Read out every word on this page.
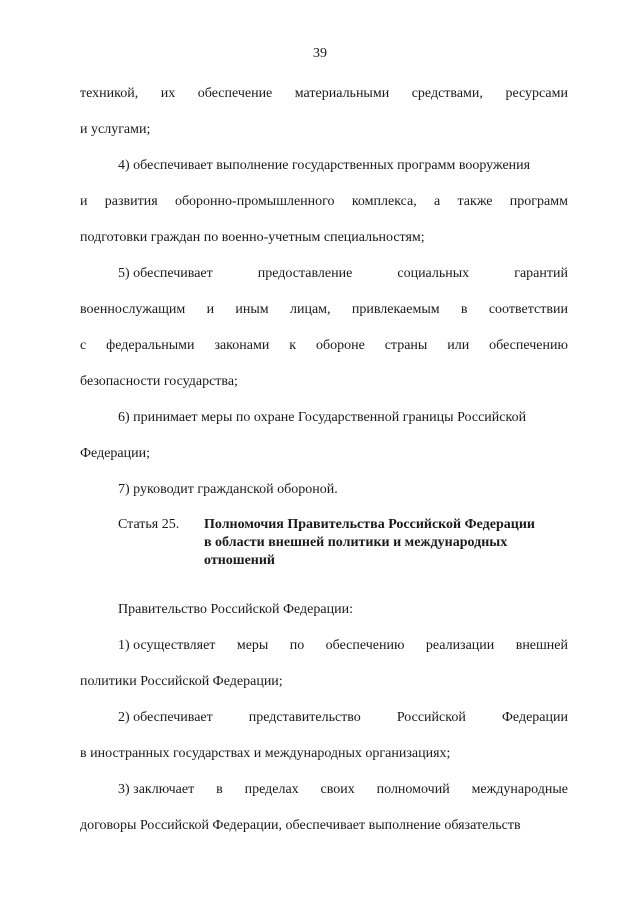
39
техникой, их обеспечение материальными средствами, ресурсами
и услугами;
4) обеспечивает выполнение государственных программ вооружения
и развития оборонно-промышленного комплекса, а также программ
подготовки граждан по военно-учетным специальностям;
5) обеспечивает	предоставление	социальных	гарантий
военнослужащим и иным лицам, привлекаемым в соответствии
с федеральными законами к обороне страны или обеспечению
безопасности государства;
6) принимает меры по охране Государственной границы Российской
Федерации;
7) руководит гражданской обороной.
Статья 25.	Полномочия Правительства Российской Федерации
в области внешней политики и международных
отношений
Правительство Российской Федерации:
1) осуществляет меры по обеспечению реализации внешней
политики Российской Федерации;
2) обеспечивает	представительство	Российской	Федерации
в иностранных государствах и международных организациях;
3) заключает в пределах своих полномочий международные
договоры Российской Федерации, обеспечивает выполнение обязательств
